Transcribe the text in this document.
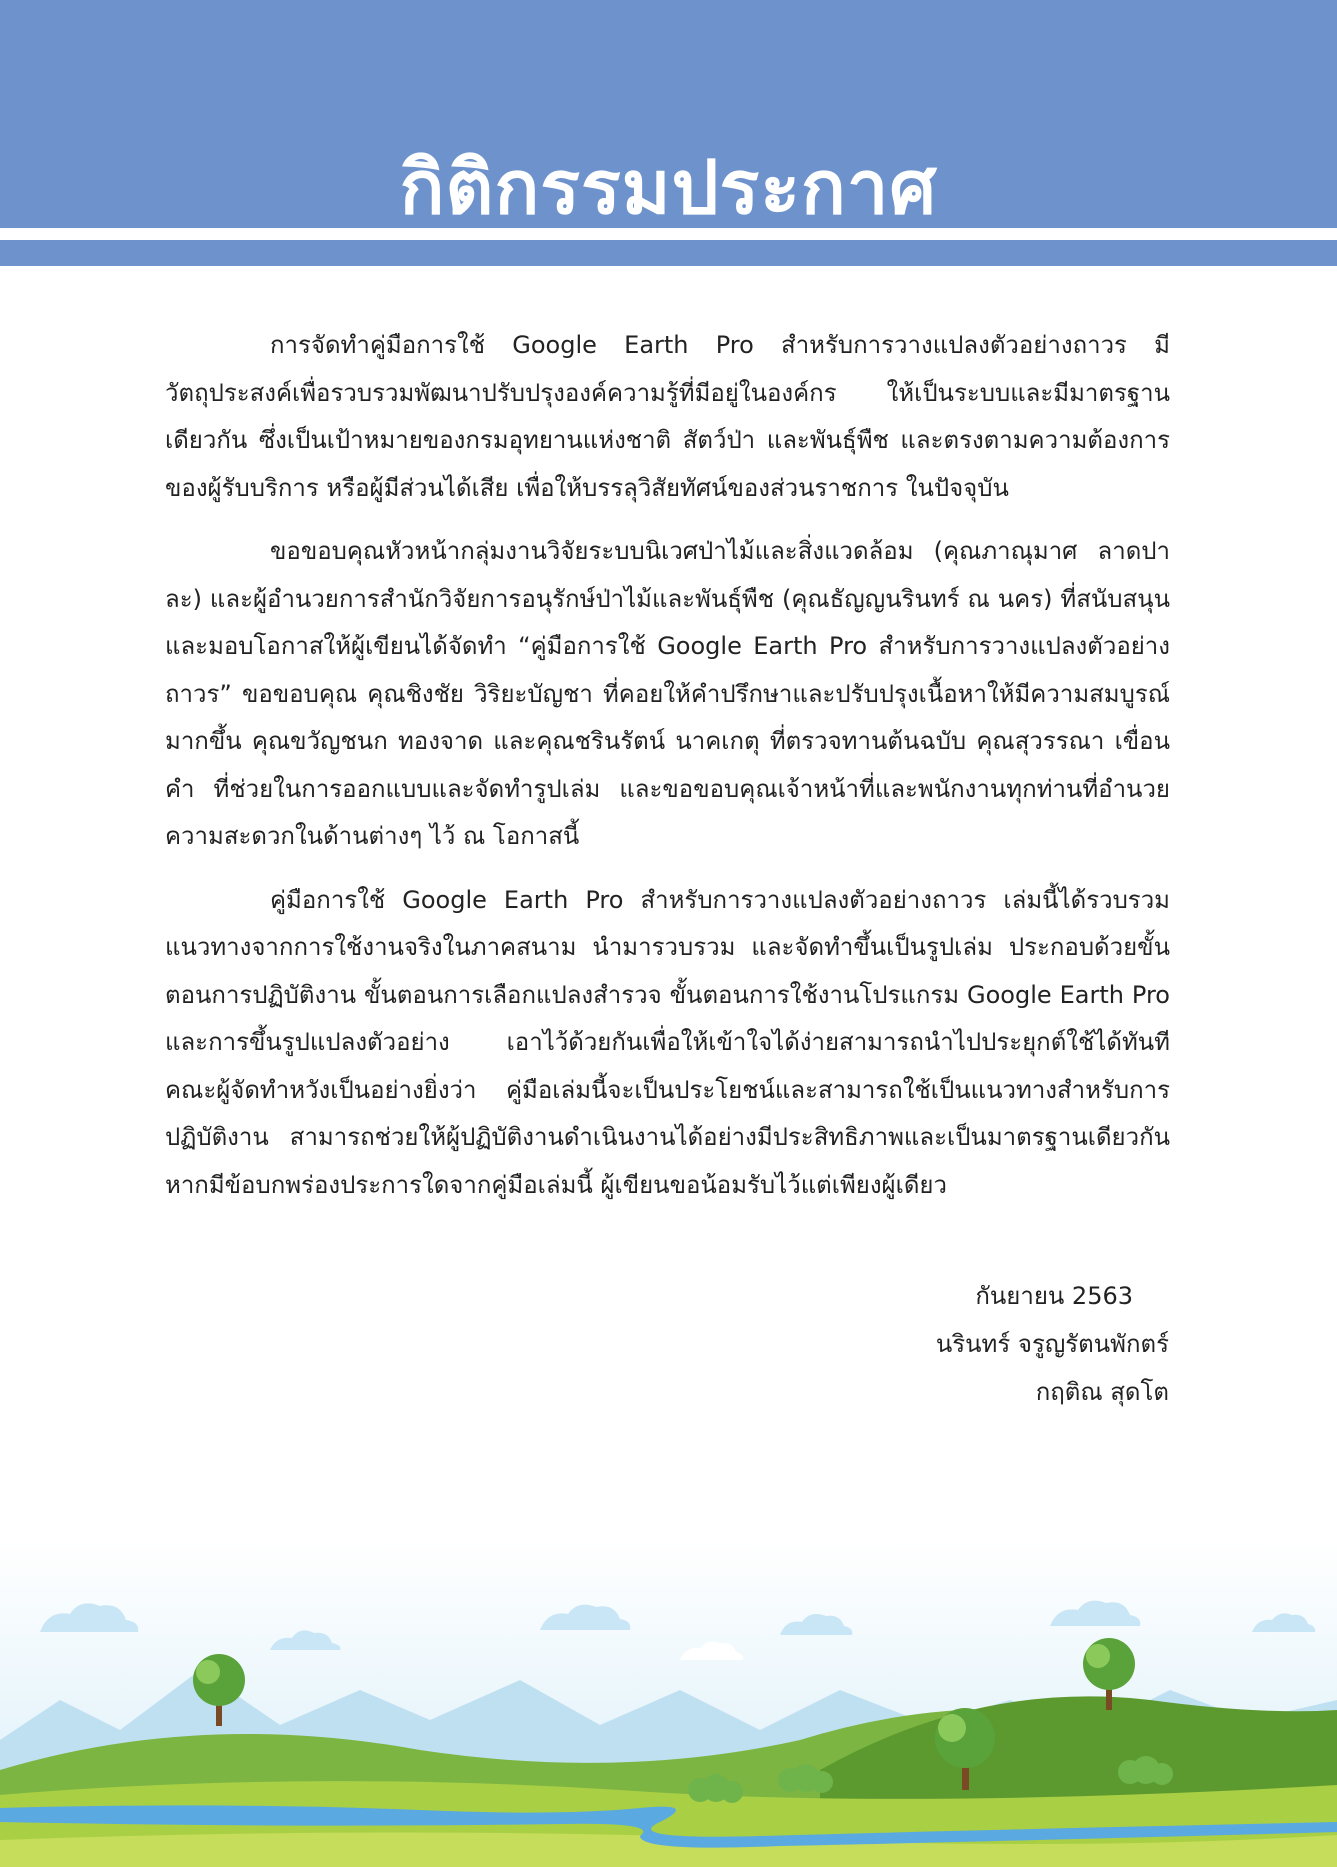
กิติกรรมประกาศ

การจัดทำคู่มือการใช้ Google Earth Pro สำหรับการวางแปลงตัวอย่างถาวร มีวัตถุประสงค์เพื่อรวบรวมพัฒนาปรับปรุงองค์ความรู้ที่มีอยู่ในองค์กร ให้เป็นระบบและมีมาตรฐานเดียวกัน ซึ่งเป็นเป้าหมายของกรมอุทยานแห่งชาติ สัตว์ป่า และพันธุ์พืช และตรงตามความต้องการของผู้รับบริการ หรือผู้มีส่วนได้เสีย เพื่อให้บรรลุวิสัยทัศน์ของส่วนราชการ ในปัจจุบัน

ขอขอบคุณหัวหน้ากลุ่มงานวิจัยระบบนิเวศป่าไม้และสิ่งแวดล้อม (คุณภาณุมาศ ลาดปาละ) และผู้อำนวยการสำนักวิจัยการอนุรักษ์ป่าไม้และพันธุ์พืช (คุณธัญญนรินทร์ ณ นคร) ที่สนับสนุนและมอบโอกาสให้ผู้เขียนได้จัดทำ “คู่มือการใช้ Google Earth Pro สำหรับการวางแปลงตัวอย่างถาวร” ขอขอบคุณ คุณชิงชัย วิริยะบัญชา ที่คอยให้คำปรึกษาและปรับปรุงเนื้อหาให้มีความสมบูรณ์มากขึ้น คุณขวัญชนก ทองจาด และคุณชรินรัตน์ นาคเกตุ ที่ตรวจทานต้นฉบับ คุณสุวรรณา เขื่อนคำ ที่ช่วยในการออกแบบและจัดทำรูปเล่ม และขอขอบคุณเจ้าหน้าที่และพนักงานทุกท่านที่อำนวยความสะดวกในด้านต่างๆ ไว้ ณ โอกาสนี้

คู่มือการใช้ Google Earth Pro สำหรับการวางแปลงตัวอย่างถาวร เล่มนี้ได้รวบรวมแนวทางจากการใช้งานจริงในภาคสนาม นำมารวบรวม และจัดทำขึ้นเป็นรูปเล่ม ประกอบด้วยขั้นตอนการปฏิบัติงาน ขั้นตอนการเลือกแปลงสำรวจ ขั้นตอนการใช้งานโปรแกรม Google Earth Pro และการขึ้นรูปแปลงตัวอย่าง เอาไว้ด้วยกันเพื่อให้เข้าใจได้ง่ายสามารถนำไปประยุกต์ใช้ได้ทันทีคณะผู้จัดทำหวังเป็นอย่างยิ่งว่า คู่มือเล่มนี้จะเป็นประโยชน์และสามารถใช้เป็นแนวทางสำหรับการปฏิบัติงาน สามารถช่วยให้ผู้ปฏิบัติงานดำเนินงานได้อย่างมีประสิทธิภาพและเป็นมาตรฐานเดียวกัน หากมีข้อบกพร่องประการใดจากคู่มือเล่มนี้ ผู้เขียนขอน้อมรับไว้แต่เพียงผู้เดียว

กันยายน 2563
นรินทร์ จรูญรัตนพักตร์
กฤติณ สุดโต
